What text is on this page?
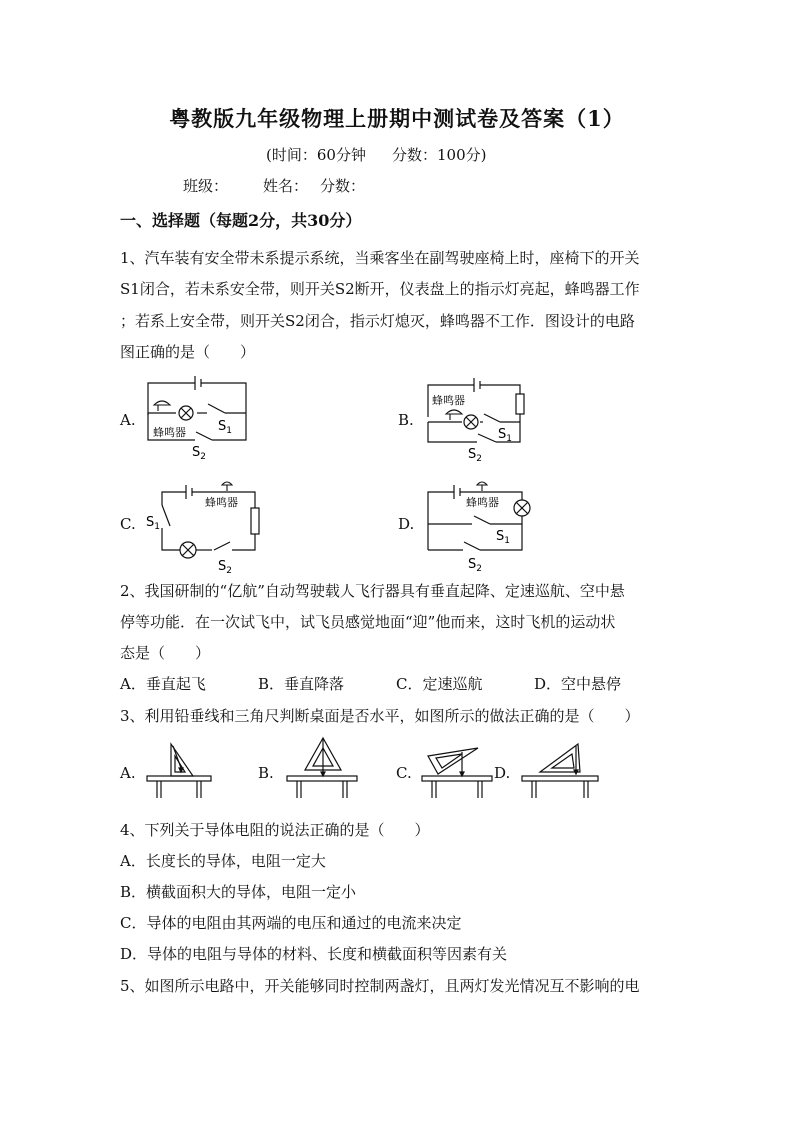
粤教版九年级物理上册期中测试卷及答案（1）
(时间：60分钟 分数：100分)
班级： 姓名： 分数：
一、选择题（每题2分，共30分）
1、汽车装有安全带未系提示系统，当乘客坐在副驾驶座椅上时，座椅下的开关
S1闭合，若未系安全带，则开关S2断开，仪表盘上的指示灯亮起，蜂鸣器工作
；若系上安全带，则开关S2闭合，指示灯熄灭，蜂鸣器不工作．图设计的电路
图正确的是（　　）
A.	B.
C.	D.
蜂鸣器 $S_1$
$S_2$
蜂鸣器
$S_1$
$S_2$
蜂鸣器
$S_1$
$S_2$
蜂鸣器
$S_1$
$S_2$
2、我国研制的“亿航”自动驾驶载人飞行器具有垂直起降、定速巡航、空中悬
停等功能．在一次试飞中，试飞员感觉地面“迎”他而来，这时飞机的运动状
态是（　　）
A．垂直起飞	B．垂直降落	C．定速巡航	D．空中悬停
3、利用铅垂线和三角尺判断桌面是否水平，如图所示的做法正确的是（　　）
A.	B.	C.	D.
4、下列关于导体电阻的说法正确的是（　　）
A．长度长的导体，电阻一定大
B．横截面积大的导体，电阻一定小
C．导体的电阻由其两端的电压和通过的电流来决定
D．导体的电阻与导体的材料、长度和横截面积等因素有关
5、如图所示电路中，开关能够同时控制两盏灯，且两灯发光情况互不影响的电
